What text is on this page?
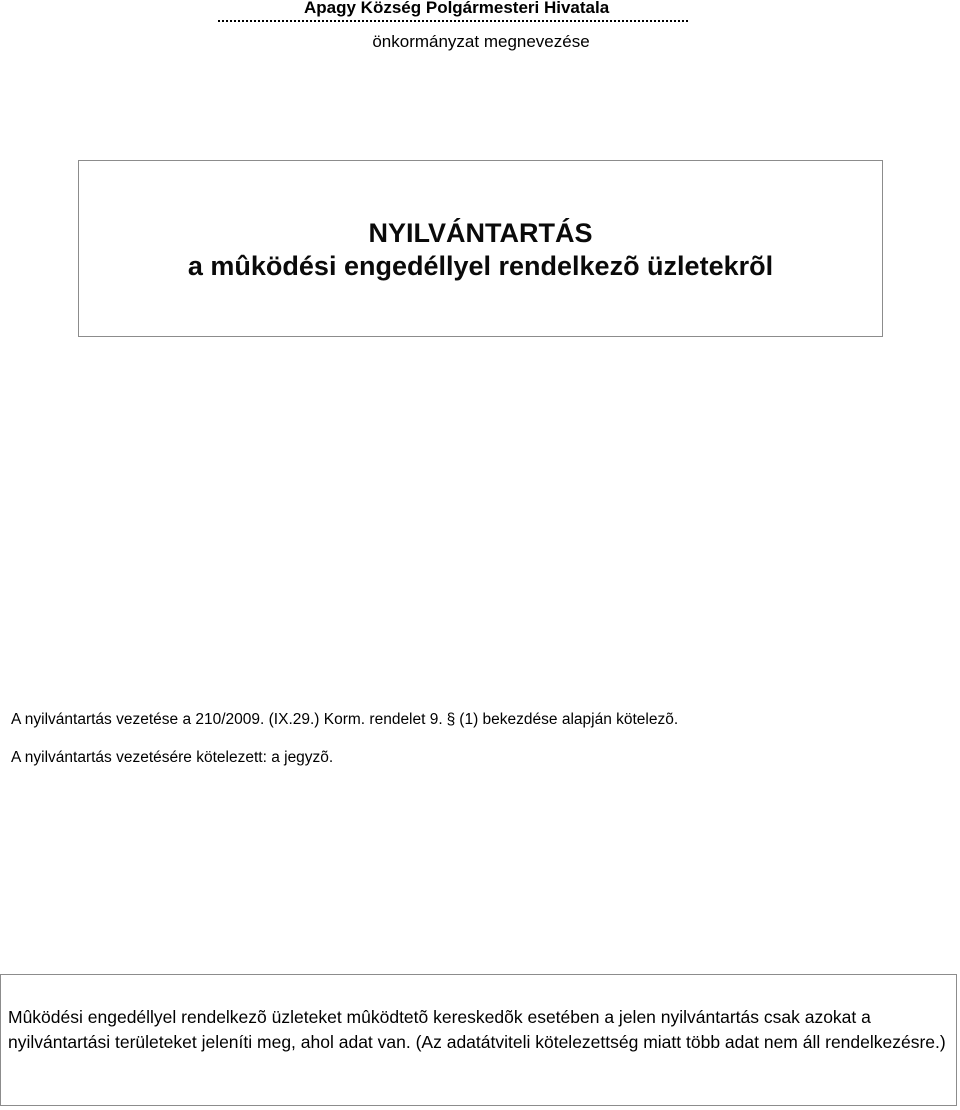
Apagy Község Polgármesteri Hivatala
önkormányzat megnevezése
NYILVÁNTARTÁS
a mûködési engedéllyel rendelkezõ üzletekrõl
A nyilvántartás vezetése a 210/2009. (IX.29.) Korm. rendelet 9. § (1) bekezdése alapján kötelezõ.
A nyilvántartás vezetésére kötelezett: a jegyzõ.
Mûködési engedéllyel rendelkezõ üzleteket mûködtetõ kereskedõk esetében a jelen nyilvántartás csak azokat a nyilvántartási területeket jeleníti meg, ahol adat van. (Az adatátviteli kötelezettség miatt több adat nem áll rendelkezésre.)
